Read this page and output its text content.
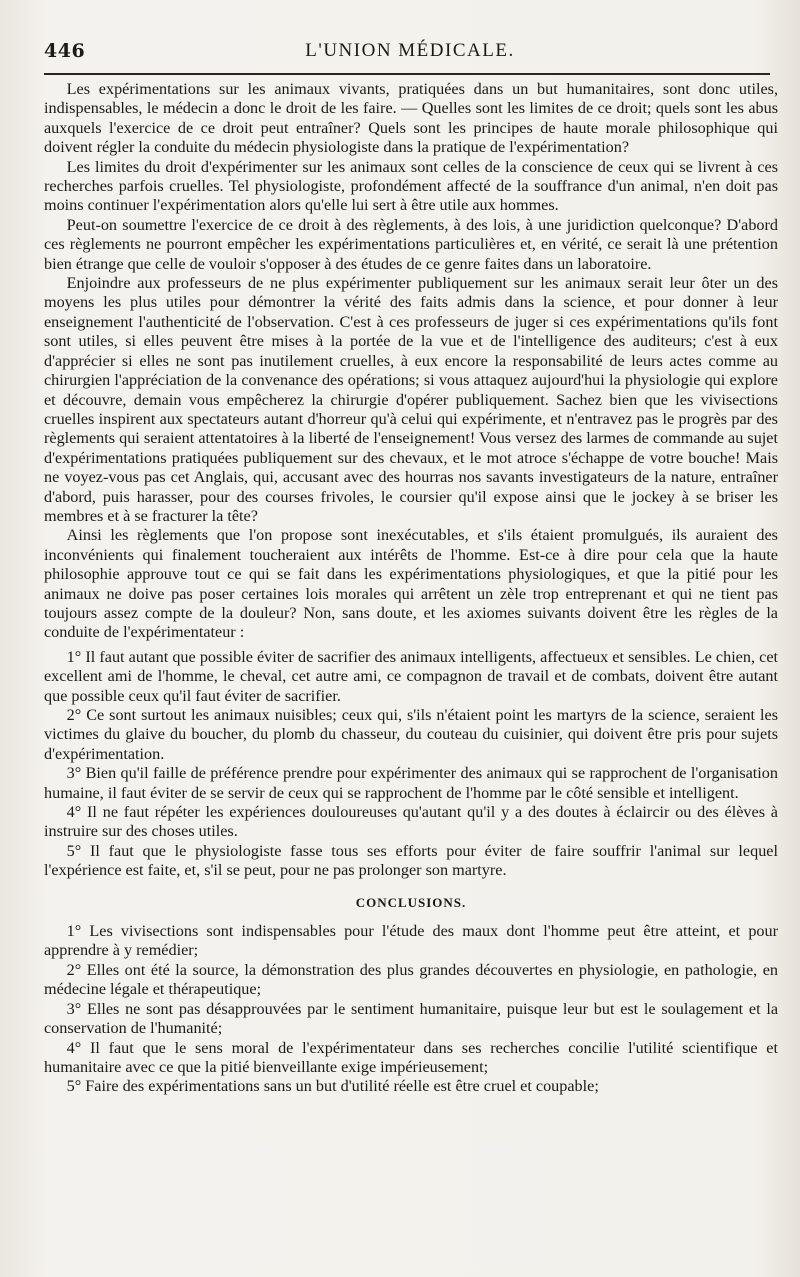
446	L'UNION MÉDICALE.

Les expérimentations sur les animaux vivants, pratiquées dans un but humanitaires, sont donc utiles, indispensables, le médecin a donc le droit de les faire. — Quelles sont les limites de ce droit; quels sont les abus auxquels l'exercice de ce droit peut entraîner? Quels sont les principes de haute morale philosophique qui doivent régler la conduite du médecin physiologiste dans la pratique de l'expérimentation?

Les limites du droit d'expérimenter sur les animaux sont celles de la conscience de ceux qui se livrent à ces recherches parfois cruelles. Tel physiologiste, profondément affecté de la souffrance d'un animal, n'en doit pas moins continuer l'expérimentation alors qu'elle lui sert à être utile aux hommes.

Peut-on soumettre l'exercice de ce droit à des règlements, à des lois, à une juridiction quelconque? D'abord ces règlements ne pourront empêcher les expérimentations particulières et, en vérité, ce serait là une prétention bien étrange que celle de vouloir s'opposer à des études de ce genre faites dans un laboratoire.

Enjoindre aux professeurs de ne plus expérimenter publiquement sur les animaux serait leur ôter un des moyens les plus utiles pour démontrer la vérité des faits admis dans la science, et pour donner à leur enseignement l'authenticité de l'observation. C'est à ces professeurs de juger si ces expérimentations qu'ils font sont utiles, si elles peuvent être mises à la portée de la vue et de l'intelligence des auditeurs; c'est à eux d'apprécier si elles ne sont pas inutilement cruelles, à eux encore la responsabilité de leurs actes comme au chirurgien l'appréciation de la convenance des opérations; si vous attaquez aujourd'hui la physiologie qui explore et découvre, demain vous empêcherez la chirurgie d'opérer publiquement. Sachez bien que les vivisections cruelles inspirent aux spectateurs autant d'horreur qu'à celui qui expérimente, et n'entravez pas le progrès par des règlements qui seraient attentatoires à la liberté de l'enseignement! Vous versez des larmes de commande au sujet d'expérimentations pratiquées publiquement sur des chevaux, et le mot atroce s'échappe de votre bouche! Mais ne voyez-vous pas cet Anglais, qui, accusant avec des hourras nos savants investigateurs de la nature, entraîner d'abord, puis harasser, pour des courses frivoles, le coursier qu'il expose ainsi que le jockey à se briser les membres et à se fracturer la tête?

Ainsi les règlements que l'on propose sont inexécutables, et s'ils étaient promulgués, ils auraient des inconvénients qui finalement toucheraient aux intérêts de l'homme. Est-ce à dire pour cela que la haute philosophie approuve tout ce qui se fait dans les expérimentations physiologiques, et que la pitié pour les animaux ne doive pas poser certaines lois morales qui arrêtent un zèle trop entreprenant et qui ne tient pas toujours assez compte de la douleur? Non, sans doute, et les axiomes suivants doivent être les règles de la conduite de l'expérimentateur :

1° Il faut autant que possible éviter de sacrifier des animaux intelligents, affectueux et sensibles. Le chien, cet excellent ami de l'homme, le cheval, cet autre ami, ce compagnon de travail et de combats, doivent être autant que possible ceux qu'il faut éviter de sacrifier.

2° Ce sont surtout les animaux nuisibles; ceux qui, s'ils n'étaient point les martyrs de la science, seraient les victimes du glaive du boucher, du plomb du chasseur, du couteau du cuisinier, qui doivent être pris pour sujets d'expérimentation.

3° Bien qu'il faille de préférence prendre pour expérimenter des animaux qui se rapprochent de l'organisation humaine, il faut éviter de se servir de ceux qui se rapprochent de l'homme par le côté sensible et intelligent.

4° Il ne faut répéter les expériences douloureuses qu'autant qu'il y a des doutes à éclaircir ou des élèves à instruire sur des choses utiles.

5° Il faut que le physiologiste fasse tous ses efforts pour éviter de faire souffrir l'animal sur lequel l'expérience est faite, et, s'il se peut, pour ne pas prolonger son martyre.

CONCLUSIONS.

1° Les vivisections sont indispensables pour l'étude des maux dont l'homme peut être atteint, et pour apprendre à y remédier;

2° Elles ont été la source, la démonstration des plus grandes découvertes en physiologie, en pathologie, en médecine légale et thérapeutique;

3° Elles ne sont pas désapprouvées par le sentiment humanitaire, puisque leur but est le soulagement et la conservation de l'humanité;

4° Il faut que le sens moral de l'expérimentateur dans ses recherches concilie l'utilité scientifique et humanitaire avec ce que la pitié bienveillante exige impérieusement;

5° Faire des expérimentations sans un but d'utilité réelle est être cruel et coupable;
